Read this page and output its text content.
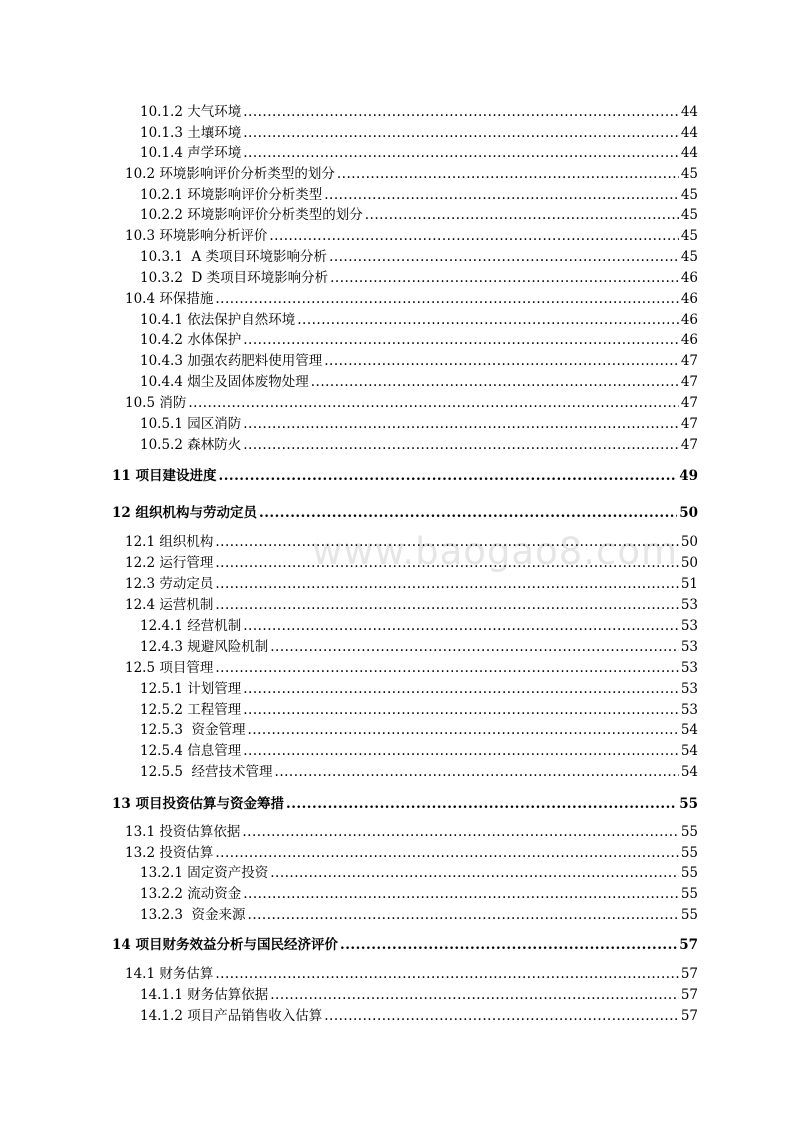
www.baogao8.com
10.1.2 大气环境 .....	44
10.1.3 土壤环境 .....	44
10.1.4 声学环境 .....	44
10.2 环境影响评价分析类型的划分 .....	45
10.2.1 环境影响评价分析类型 .....	45
10.2.2 环境影响评价分析类型的划分 .....	45
10.3 环境影响分析评价 .....	45
10.3.1  A 类项目环境影响分析 .....	45
10.3.2  D 类项目环境影响分析 .....	46
10.4 环保措施 .....	46
10.4.1 依法保护自然环境 .....	46
10.4.2 水体保护 .....	46
10.4.3 加强农药肥料使用管理 .....	47
10.4.4 烟尘及固体废物处理 .....	47
10.5 消防 .....	47
10.5.1 园区消防 .....	47
10.5.2 森林防火 .....	47
11 项目建设进度 .....	49
12 组织机构与劳动定员 .....	50
12.1 组织机构 .....	50
12.2 运行管理 .....	50
12.3 劳动定员 .....	51
12.4 运营机制 .....	53
12.4.1 经营机制 .....	53
12.4.3 规避风险机制 .....	53
12.5 项目管理 .....	53
12.5.1 计划管理 .....	53
12.5.2 工程管理 .....	53
12.5.3  资金管理 .....	54
12.5.4 信息管理 .....	54
12.5.5  经营技术管理 .....	54
13 项目投资估算与资金筹措 .....	55
13.1 投资估算依据 .....	55
13.2 投资估算 .....	55
13.2.1 固定资产投资 .....	55
13.2.2 流动资金 .....	55
13.2.3  资金来源 .....	55
14 项目财务效益分析与国民经济评价 .....	57
14.1 财务估算 .....	57
14.1.1 财务估算依据 .....	57
14.1.2 项目产品销售收入估算 .....	57
